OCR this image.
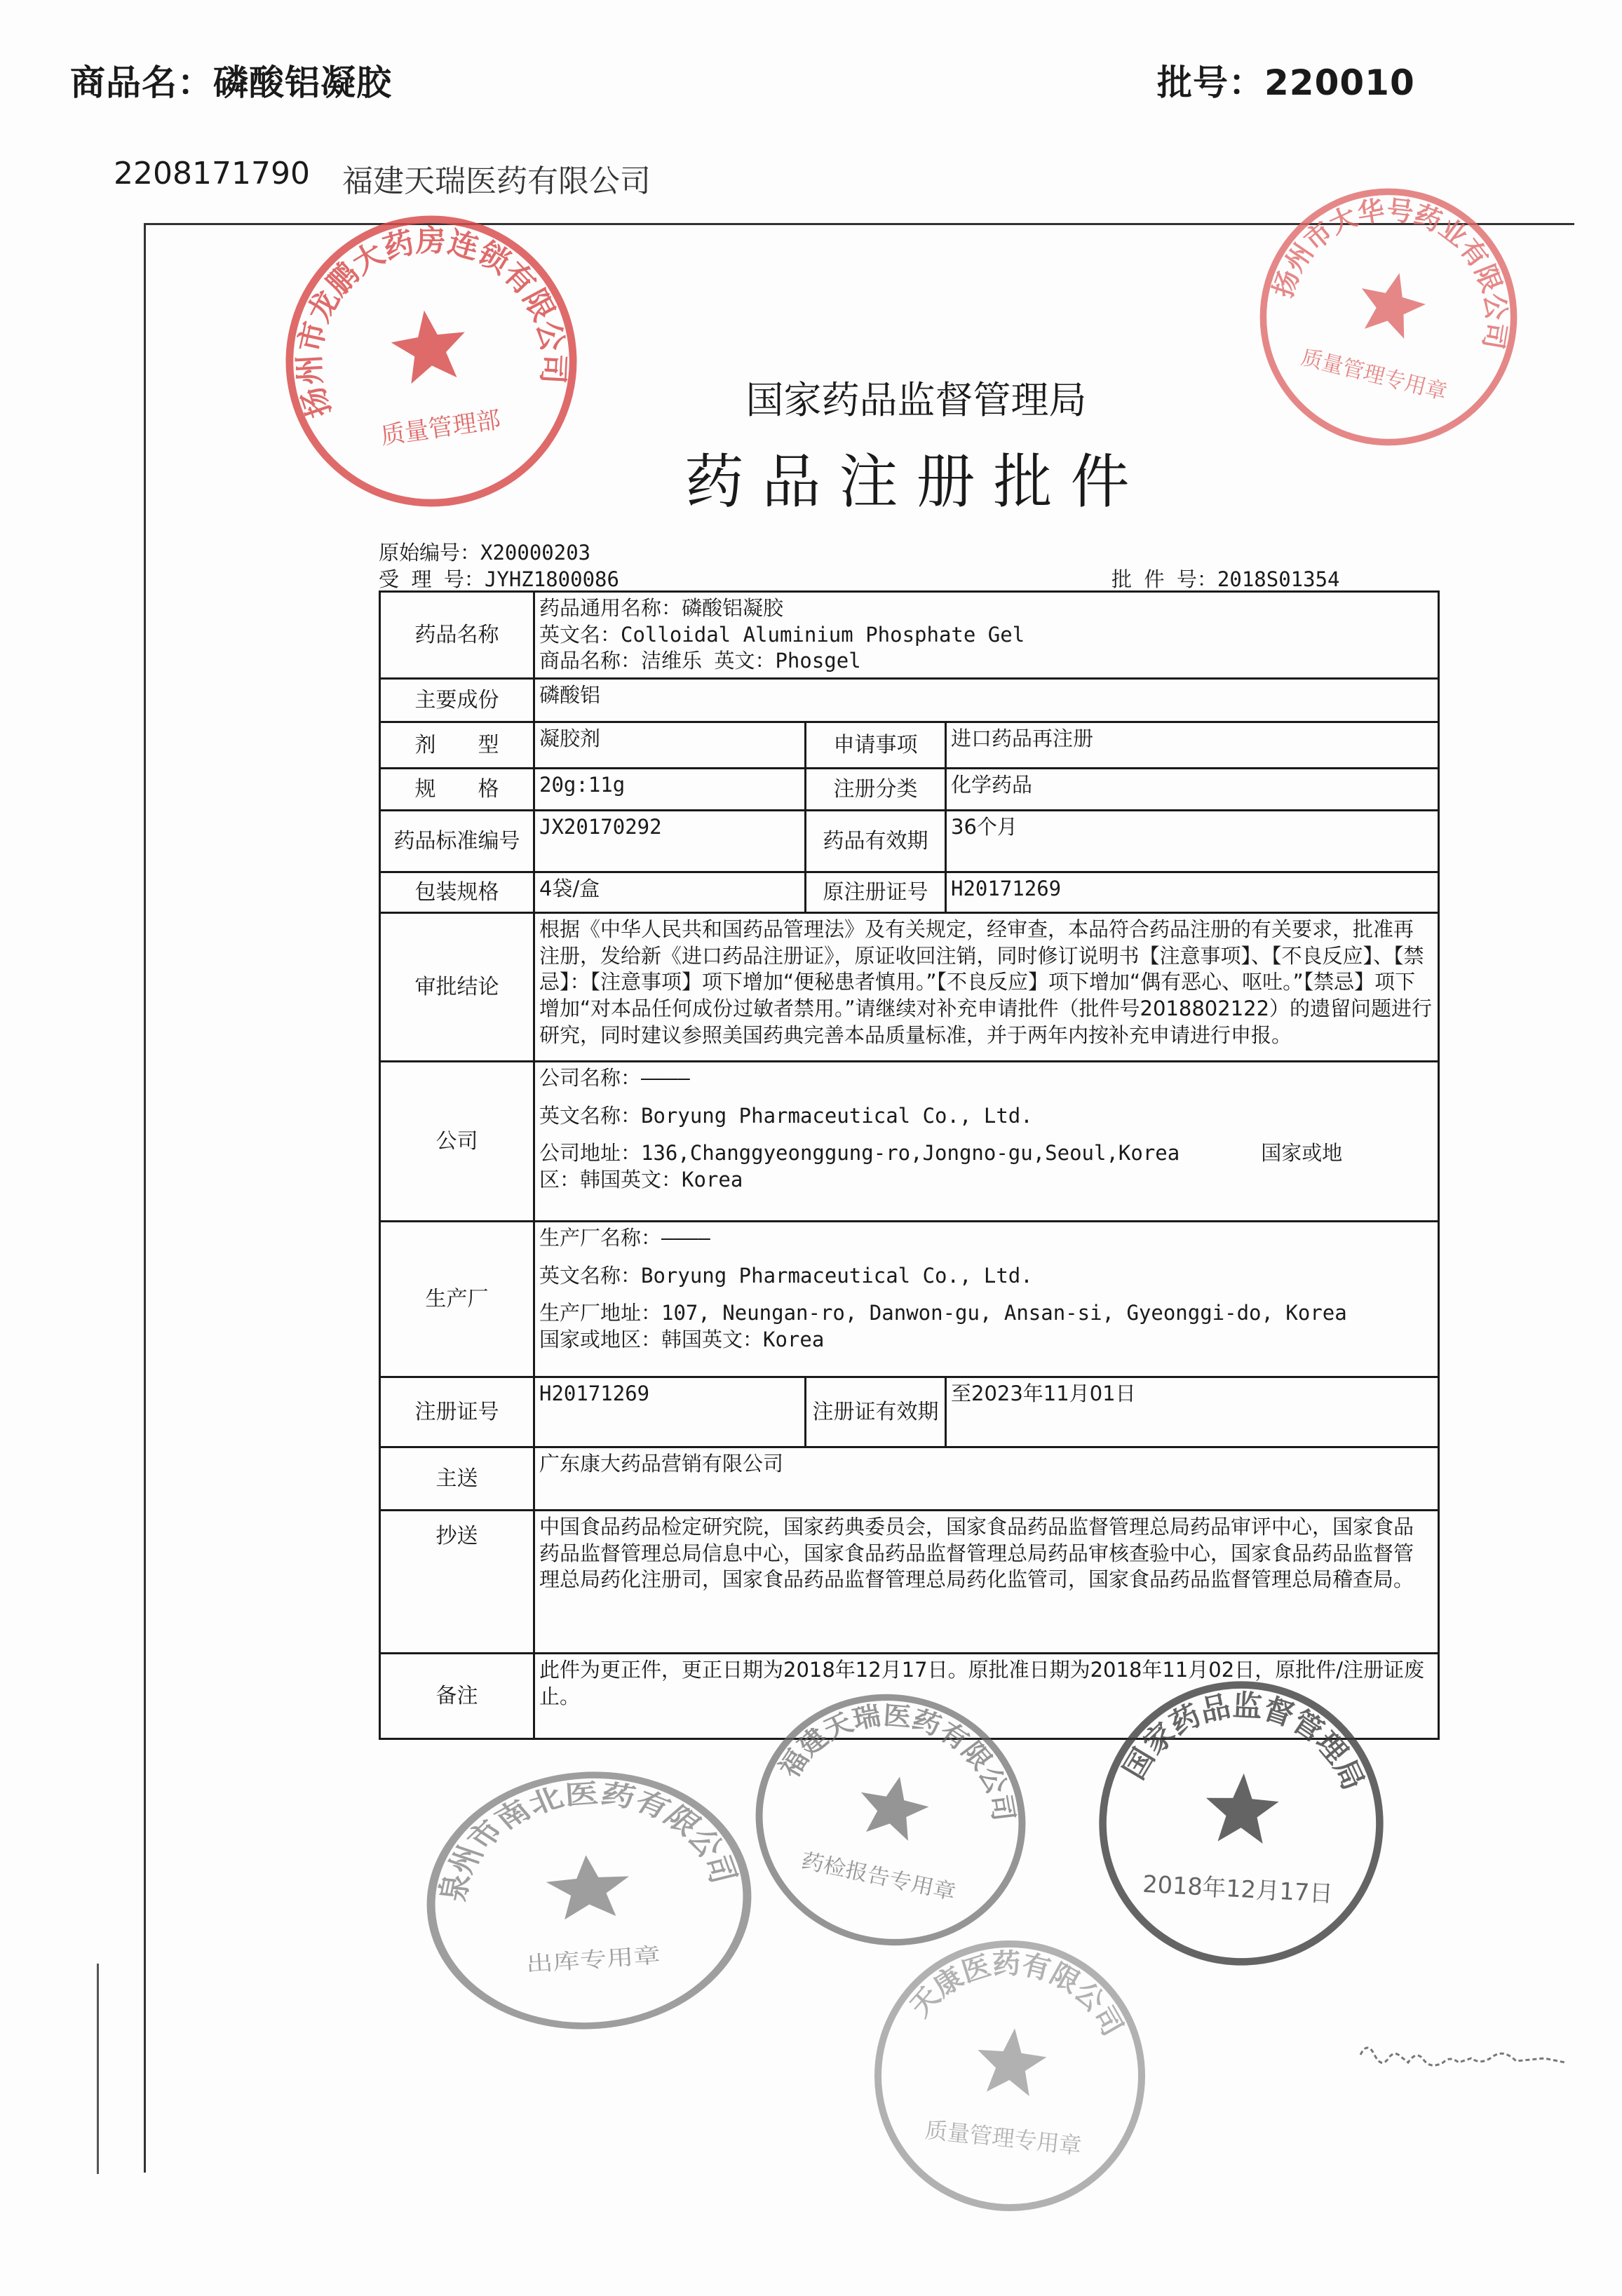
商品名：磷酸铝凝胶	批号：220010
2208171790 福建天瑞医药有限公司
国家药品监督管理局
药品注册批件
原始编号：X20000203
受 理 号：JYHZ1800086	批 件 号：2018S01354
药品名称	药品通用名称：磷酸铝凝胶
英文名：Colloidal Aluminium Phosphate Gel
商品名称：洁维乐 英文：Phosgel		

主要成份	磷酸铝		
剂　　型	凝胶剂	申请事项	进口药品再注册
规　　格	20g:11g	注册分类	化学药品
药品标准编号	JX20170292	药品有效期	36个月
包装规格	4袋/盒	原注册证号	H20171269
审批结论	根据《中华人民共和国药品管理法》及有关规定，经审查，本品符合药品注册的有关要求，批准再注册，发给新《进口药品注册证》，原证收回注销，同时修订说明书【注意事项】、【不良反应】、【禁忌】：【注意事项】项下增加“便秘患者慎用。”【不良反应】项下增加“偶有恶心、呕吐。”【禁忌】项下增加“对本品任何成份过敏者禁用。”请继续对补充申请批件（批件号2018802122）的遗留问题进行研究，同时建议参照美国药典完善本品质量标准，并于两年内按补充申请进行申报。		

公司	公司名称：————
英文名称：Boryung Pharmaceutical Co., Ltd.
公司地址：136,Changgyeonggung-ro,Jongno-gu,Seoul,Korea　　　　国家或地
区：韩国英文：Korea		

生产厂	生产厂名称：————
英文名称：Boryung Pharmaceutical Co., Ltd.
生产厂地址：107, Neungan-ro, Danwon-gu, Ansan-si, Gyeonggi-do, Korea
国家或地区：韩国英文：Korea		

注册证号	H20171269	注册证有效期	至2023年11月01日
主送	广东康大药品营销有限公司		
抄送	中国食品药品检定研究院，国家药典委员会，国家食品药品监督管理总局药品审评中心，国家食品药品监督管理总局信息中心，国家食品药品监督管理总局药品审核查验中心，国家食品药品监督管理总局药化注册司，国家食品药品监督管理总局药化监管司，国家食品药品监督管理总局稽查局。		

备注	此件为更正件，更正日期为2018年12月17日。原批准日期为2018年11月02日，原批件/注册证废止。		
扬州市龙鹏大药房连锁有限公司
质量管理部
扬州市大华号药业有限公司
质量管理专用章
泉州市南北医药有限公司
出库专用章
福建天瑞医药有限公司
药检报告专用章
国家药品监督管理局
2018年12月17日
天康医药有限公司
质量管理专用章
